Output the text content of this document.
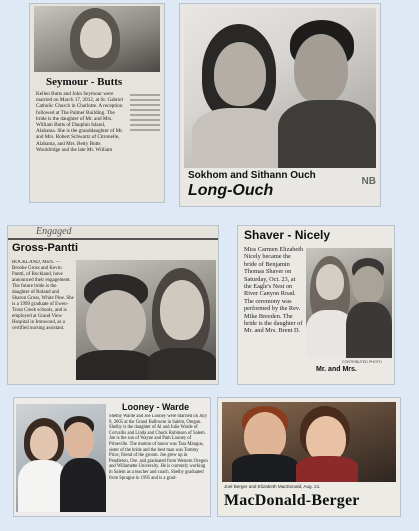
Seymour - Butts
Kellen Butts and John Seymour were married on March 17, 2012, at St. Gabriel Catholic Church in Charlotte. A reception followed at The Palmer Building. The bride is the daughter of Mr. and Mrs. William Butts of Dauphin Island, Alabama. She is the granddaughter of Mr. and Mrs. Robert Schwartz of Citronelle, Alabama, and Mrs. Betty Butts Wooldridge and the late Mr. William
Sokhom and Sithann Ouch
Long-Ouch
NB
Engaged
Gross-Pantti
ROCKLAND, Mich. — Brooke Gross and Kevin Pantti, of Rockland, have announced their engagement. The future bride is the daughter of Roland and Sharon Gross, White Pine. She is a 1999 graduate of Ewen-Trout Creek schools, and is employed at Grand View Hospital in Ironwood, as a certified nursing assistant.
Shaver - Nicely
Miss Carmen Elizabeth Nicely became the bride of Benjamin Thomas Shaver on Saturday, Oct. 23, at the Eagle's Nest on River Canyon Road. The ceremony was performed by the Rev. Mike Breeden. The bride is the daughter of Mr. and Mrs. Brent D.
CONTRIBUTED PHOTO
Mr. and Mrs.
Looney - Warde
Shelby Warde and Joe Looney were married on July 9, 2005 at the Grand Ballroom in Salem, Oregon. Shelby is the daughter of Al and Julie Warde of Corvallis and Linda and Chuck Robinson of Salem. Joe is the son of Wayne and Pam Looney of Prineville. The matron of honor was Tara Mangus, sister of the bride and the best man was Tommy Price, friend of the groom. Joe grew up in Pendleton, Ore. and graduated from Western Oregon and Willamette University. He is currently working in Salem as a teacher and coach. Shelby graduated from Sprague in 1995 and is a grad-
Joel Berger and Elizabeth MacDonald, Aug. 21.
MacDonald-Berger
